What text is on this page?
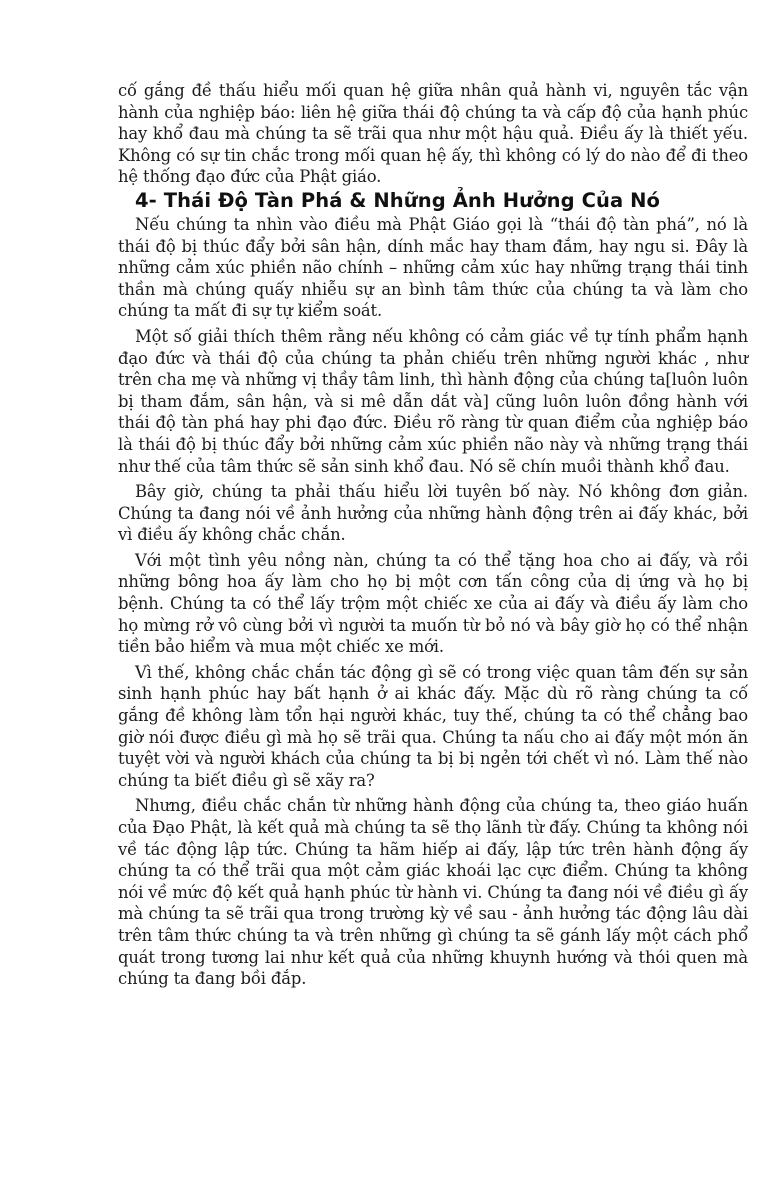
cố gắng đề thấu hiểu mối quan hệ giữa nhân quả hành vi, nguyên tắc vận hành của nghiệp báo: liên hệ giữa thái độ chúng ta và cấp độ của hạnh phúc hay khổ đau mà chúng ta sẽ trãi qua như một hậu quả. Điều ấy là thiết yếu. Không có sự tin chắc trong mối quan hệ ấy, thì không có lý do nào để đi theo hệ thống đạo đức của Phật giáo.

4- Thái Độ Tàn Phá & Những Ảnh Hưởng Của Nó

Nếu chúng ta nhìn vào điều mà Phật Giáo gọi là “thái độ tàn phá”, nó là thái độ bị thúc đẩy bởi sân hận, dính mắc hay tham đắm, hay ngu si. Đây là những cảm xúc phiền não chính – những cảm xúc hay những trạng thái tinh thần mà chúng quấy nhiễu sự an bình tâm thức của chúng ta và làm cho chúng ta mất đi sự tự kiểm soát.

Một số giải thích thêm rằng nếu không có cảm giác về tự tính phẩm hạnh đạo đức và thái độ của chúng ta phản chiếu trên những người khác , như trên cha mẹ và những vị thầy tâm linh, thì hành động của chúng ta[luôn luôn bị tham đắm, sân hận, và si mê dẫn dắt và] cũng luôn luôn đồng hành với thái độ tàn phá hay phi đạo đức. Điều rõ ràng từ quan điểm của nghiệp báo là thái độ bị thúc đẩy bởi những cảm xúc phiền não này và những trạng thái như thế của tâm thức sẽ sản sinh khổ đau. Nó sẽ chín muồi thành khổ đau.

Bây giờ, chúng ta phải thấu hiểu lời tuyên bố này. Nó không đơn giản. Chúng ta đang nói về ảnh hưởng của những hành động trên ai đấy khác, bởi vì điều ấy không chắc chắn.

Với một tình yêu nồng nàn, chúng ta có thể tặng hoa cho ai đấy, và rồi những bông hoa ấy làm cho họ bị một cơn tấn công của dị ứng và họ bị bệnh. Chúng ta có thể lấy trộm một chiếc xe của ai đấy và điều ấy làm cho họ mừng rở vô cùng bởi vì người ta muốn từ bỏ nó và bây giờ họ có thể nhận tiền bảo hiểm và mua một chiếc xe mới.

Vì thế, không chắc chắn tác động gì sẽ có trong việc quan tâm đến sự sản sinh hạnh phúc hay bất hạnh ở ai khác đấy. Mặc dù rõ ràng chúng ta cố gắng đề không làm tổn hại người khác, tuy thế, chúng ta có thể chẳng bao giờ nói được điều gì mà họ sẽ trãi qua. Chúng ta nấu cho ai đấy một món ăn tuyệt vời và người khách của chúng ta bị bị ngẻn tới chết vì nó. Làm thế nào chúng ta biết điều gì sẽ xãy ra?

Nhưng, điều chắc chắn từ những hành động của chúng ta, theo giáo huấn của Đạo Phật, là kết quả mà chúng ta sẽ thọ lãnh từ đấy. Chúng ta không nói về tác động lập tức. Chúng ta hãm hiếp ai đấy, lập tức trên hành động ấy chúng ta có thể trãi qua một cảm giác khoái lạc cực điểm. Chúng ta không nói về mức độ kết quả hạnh phúc từ hành vi. Chúng ta đang nói về điều gì ấy mà chúng ta sẽ trãi qua trong trường kỳ về sau - ảnh hưởng tác động lâu dài trên tâm thức chúng ta và trên những gì chúng ta sẽ gánh lấy một cách phổ quát trong tương lai như kết quả của những khuynh hướng và thói quen mà chúng ta đang bồi đắp.
